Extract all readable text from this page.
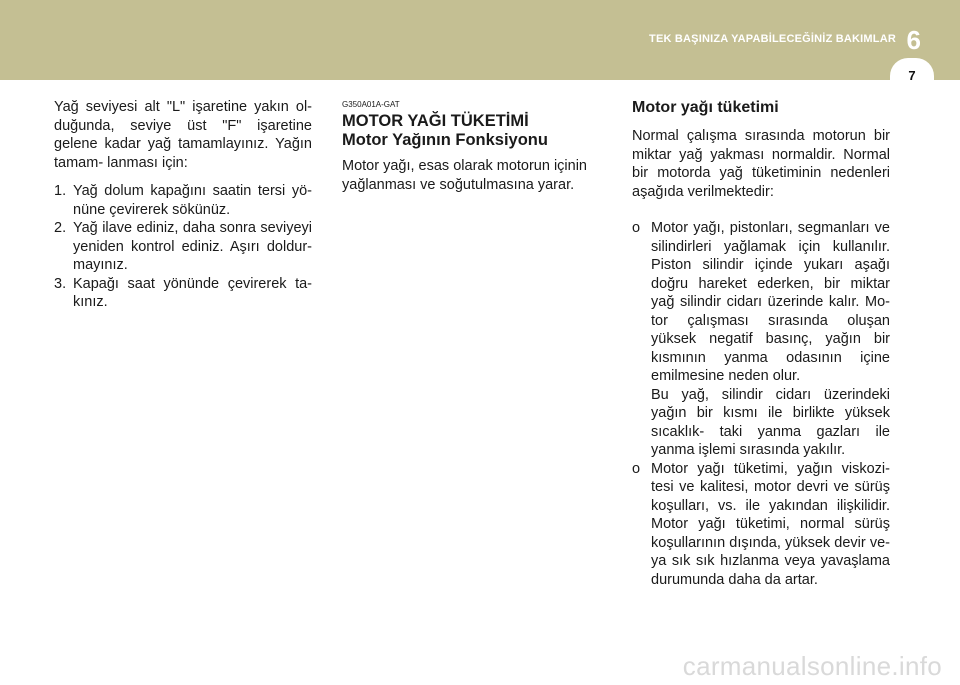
TEK BAŞINIZA YAPABİLECEĞİNİZ BAKIMLAR 6
7

Yağ seviyesi alt "L" işaretine yakın ol- duğunda, seviye üst "F" işaretine gelene kadar yağ tamamlayınız. Yağın tamam- lanması için:

1. Yağ dolum kapağını saatin tersi yö- nüne çevirerek sökünüz.
2. Yağ ilave ediniz, daha sonra seviyeyi yeniden kontrol ediniz. Aşırı doldur- mayınız.
3. Kapağı saat yönünde çevirerek ta- kınız.
G350A01A-GAT
MOTOR YAĞI TÜKETİMİ
Motor Yağının Fonksiyonu

Motor yağı, esas olarak motorun içinin yağlanması ve soğutulmasına yarar.

Motor yağı tüketimi

Normal çalışma sırasında motorun bir miktar yağ yakması normaldir. Normal bir motorda yağ tüketiminin nedenleri aşağıda verilmektedir:

o Motor yağı, pistonları, segmanları ve silindirleri yağlamak için kullanılır. Piston silindir içinde yukarı aşağı doğru hareket ederken, bir miktar yağ silindir cidarı üzerinde kalır. Mo- tor çalışması sırasında oluşan yüksek negatif basınç, yağın bir kısmının yanma odasının içine emilmesine neden olur.

Bu yağ, silindir cidarı üzerindeki yağın bir kısmı ile birlikte yüksek sıcaklık- taki yanma gazları ile yanma işlemi sırasında yakılır.

o Motor yağı tüketimi, yağın viskozi- tesi ve kalitesi, motor devri ve sürüş koşulları, vs. ile yakından ilişkilidir. Motor yağı tüketimi, normal sürüş koşullarının dışında, yüksek devir ve- ya sık sık hızlanma veya yavaşlama durumunda daha da artar.

carmanualsonline.info
